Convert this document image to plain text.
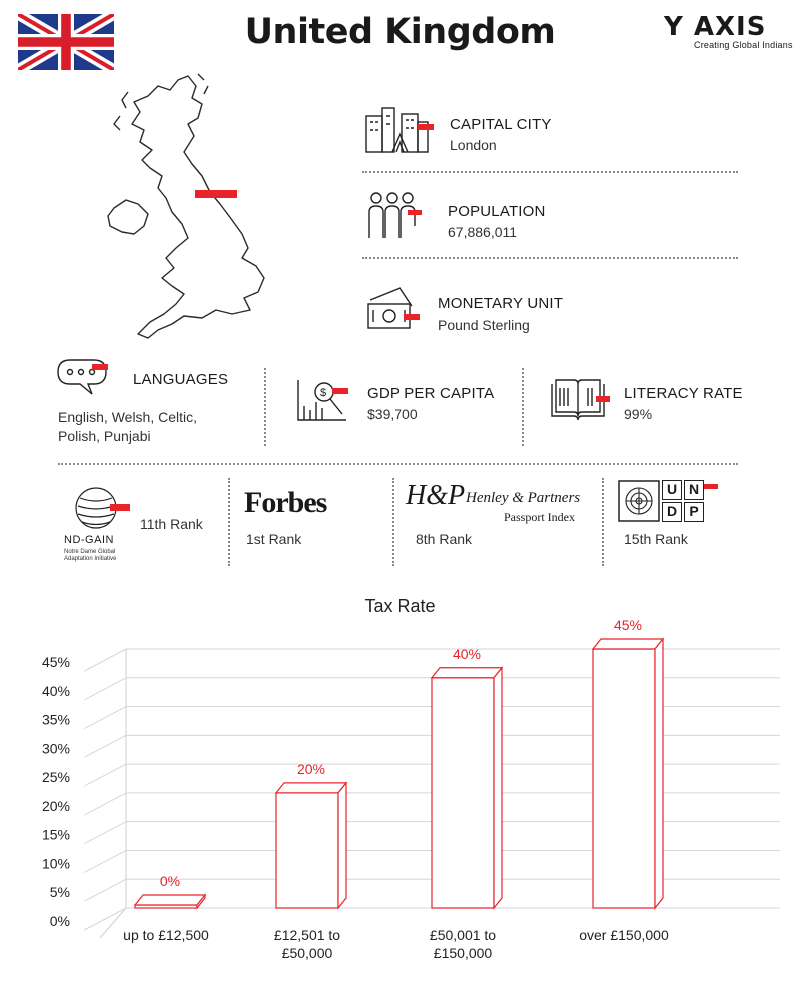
United Kingdom	Y AXIS
Creating Global Indians
CAPITAL CITY
London
POPULATION
67,886,011
MONETARY UNIT
Pound Sterling
LANGUAGES
English, Welsh, Celtic,
Polish, Punjabi
$	GDP PER CAPITA
$39,700
LITERACY RATE
99%
ND-GAIN
Notre Dame Global
Adaptation Initiative
11th Rank
Forbes
1st Rank
H&P Henley & Partners
Passport Index
8th Rank
U N
D P
15th Rank
Tax Rate
0%
5%
10%
15%
20%
25%
30%
35%
40%
45%
0%
up to £12,500
20%
£12,501 to
£50,000
40%
£50,001 to
£150,000
45%
over £150,000
